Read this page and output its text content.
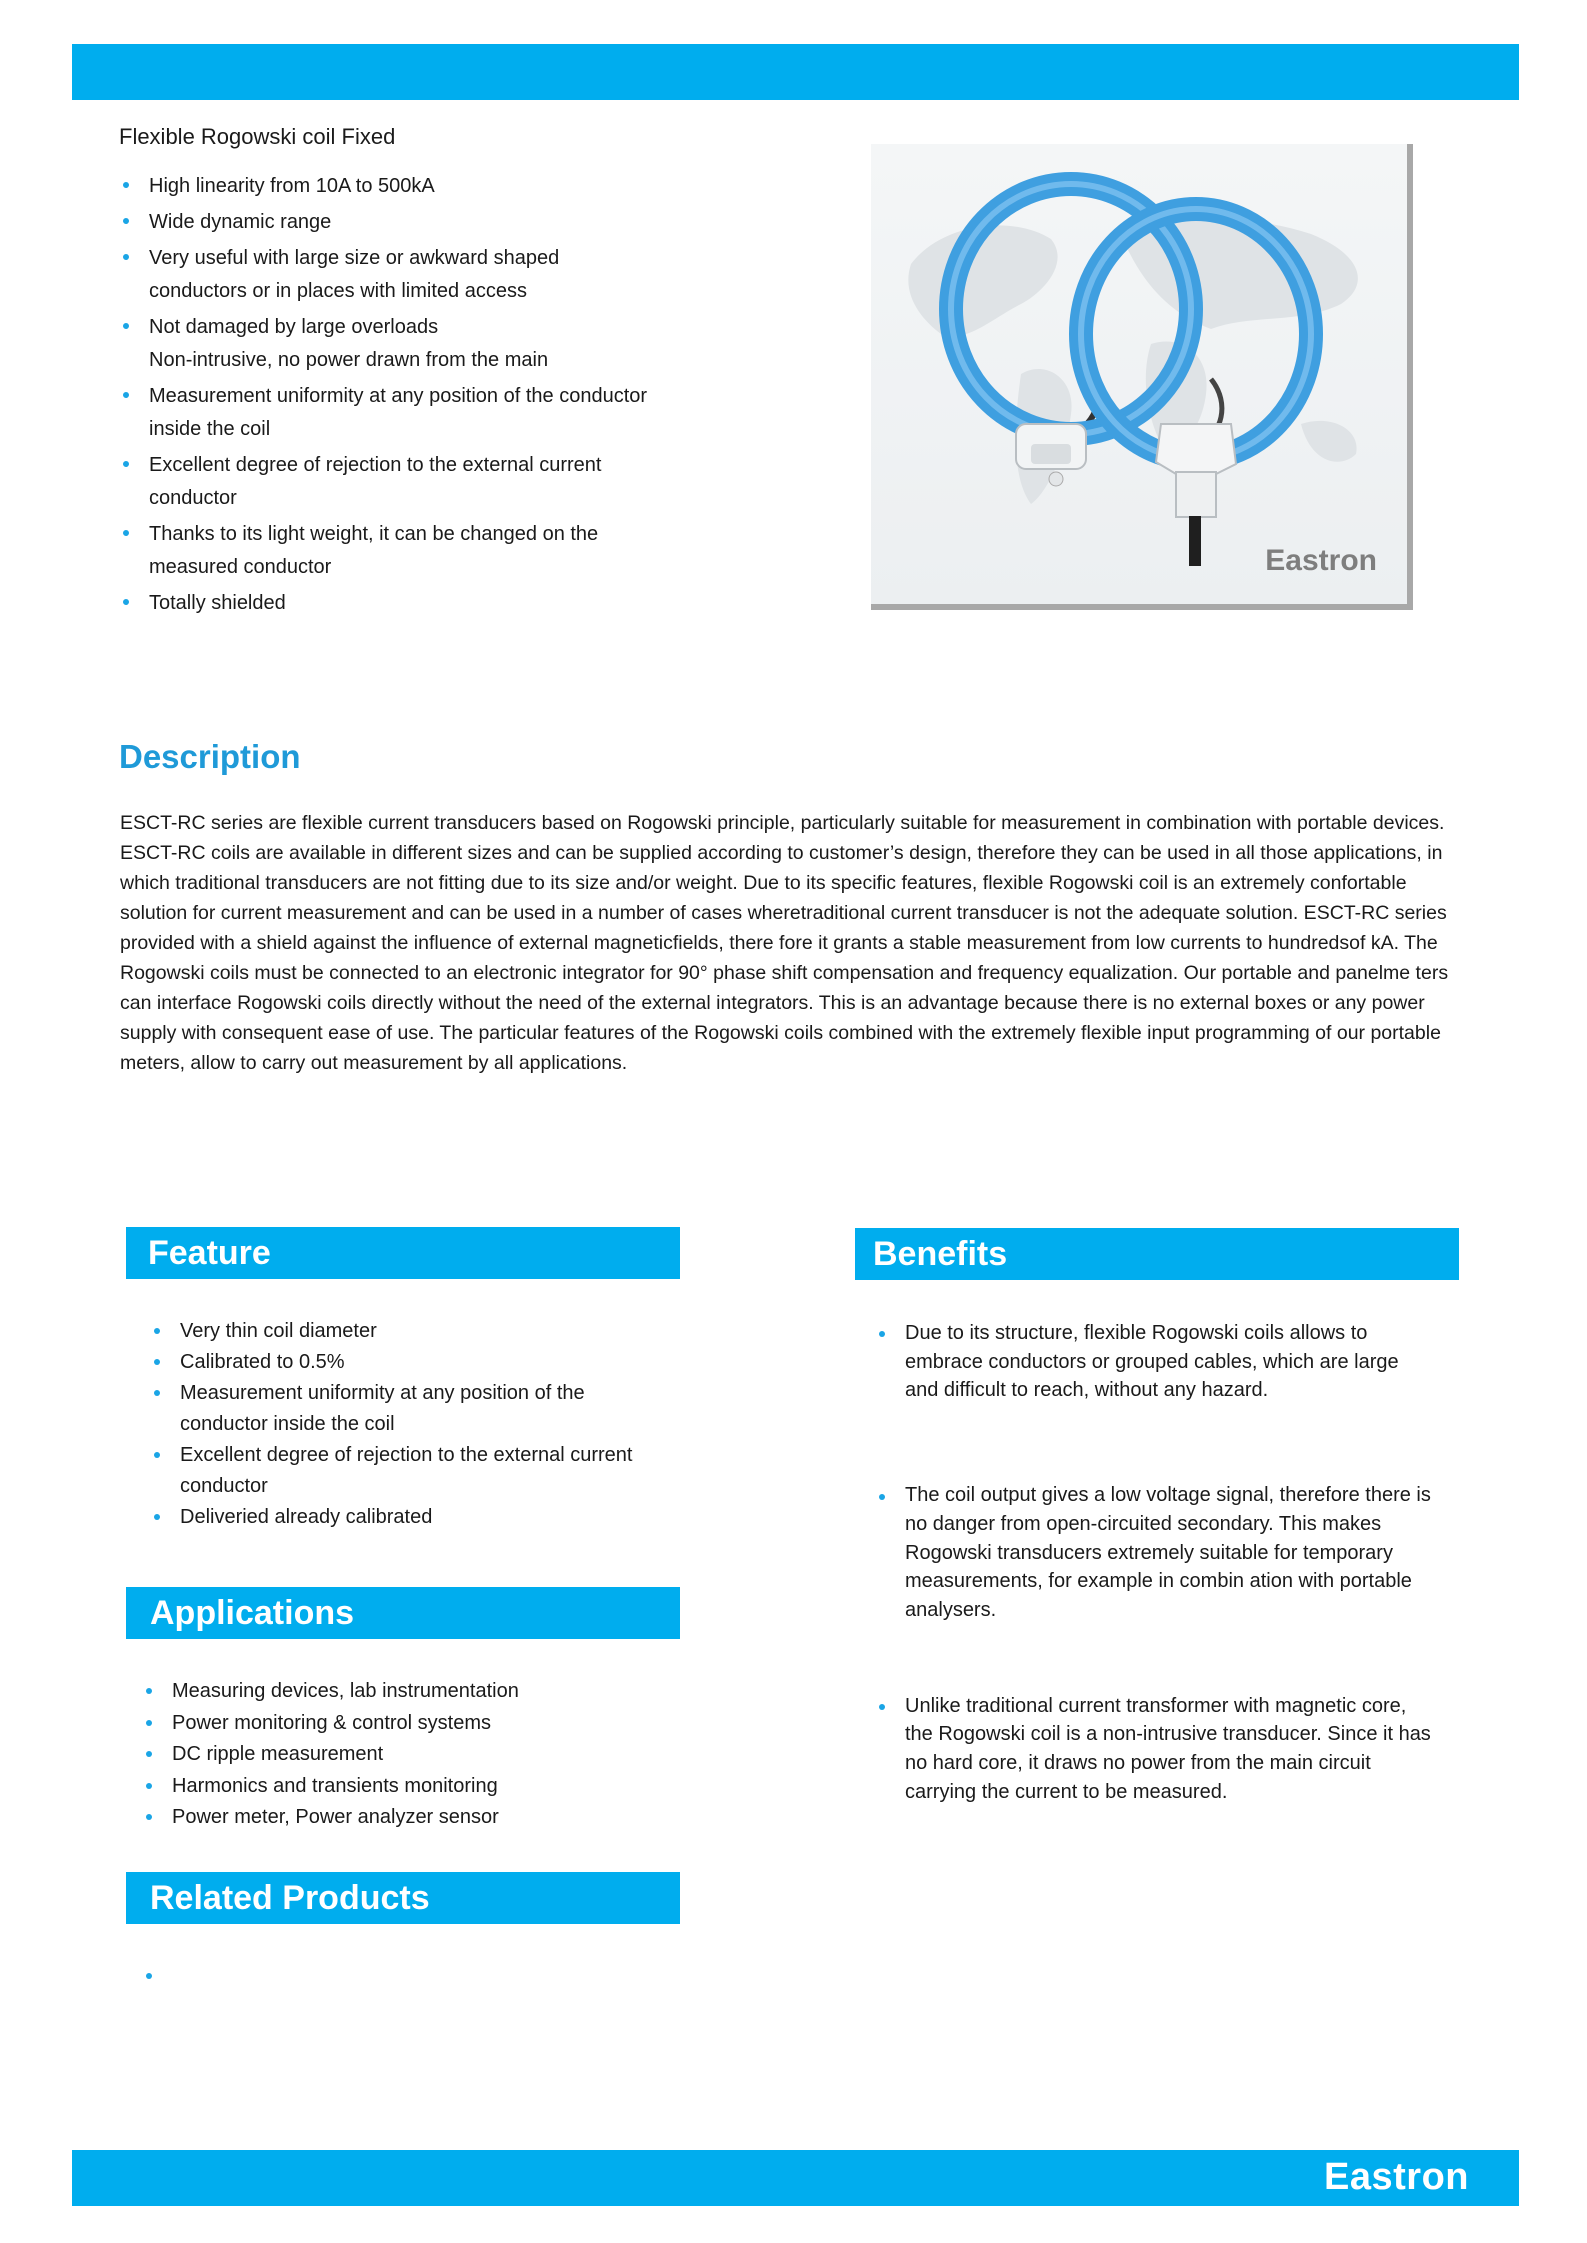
Flexible Rogowski coil Fixed
High linearity from 10A to 500kA
Wide dynamic range
Very useful with large size or awkward shaped conductors or in places with limited access
Not damaged by large overloads
Non-intrusive, no power drawn from the main
Measurement uniformity at any position of the conductor inside the coil
Excellent degree of rejection to the external current conductor
Thanks to its light weight, it can be changed on the measured conductor
Totally shielded
Eastron
Description

ESCT-RC series are flexible current transducers based on Rogowski principle, particularly suitable for measurement in combination with portable devices. ESCT-RC coils are available in different sizes and can be supplied according to customer’s design, therefore they can be used in all those applications, in which traditional transducers are not fitting due to its size and/or weight. Due to its specific features, flexible Rogowski coil is an extremely confortable solution for current measurement and can be used in a number of cases wheretraditional current transducer is not the adequate solution. ESCT-RC series provided with a shield against the influence of external magneticfields, there fore it grants a stable measurement from low currents to hundredsof kA. The Rogowski coils must be connected to an electronic integrator for 90° phase shift compensation and frequency equalization. Our portable and panelme ters can interface Rogowski coils directly without the need of the external integrators. This is an advantage because there is no external boxes or any power supply with consequent ease of use. The particular features of the Rogowski coils combined with the extremely flexible input programming of our portable meters, allow to carry out measurement by all applications.

Feature
Very thin coil diameter
Calibrated to 0.5%
Measurement uniformity at any position of the conductor inside the coil
Excellent degree of rejection to the external current conductor
Deliveried already calibrated
Benefits
Due to its structure, flexible Rogowski coils allows to embrace conductors or grouped cables, which are large and difficult to reach, without any hazard.
The coil output gives a low voltage signal, therefore there is no danger from open-circuited secondary. This makes Rogowski transducers extremely suitable for temporary measurements, for example in combin ation with portable analysers.
Unlike traditional current transformer with magnetic core, the Rogowski coil is a non-intrusive transducer. Since it has no hard core, it draws no power from the main circuit carrying the current to be measured.
Applications
Measuring devices, lab instrumentation
Power monitoring & control systems
DC ripple measurement
Harmonics and transients monitoring
Power meter, Power analyzer sensor
Related Products

Eastron
